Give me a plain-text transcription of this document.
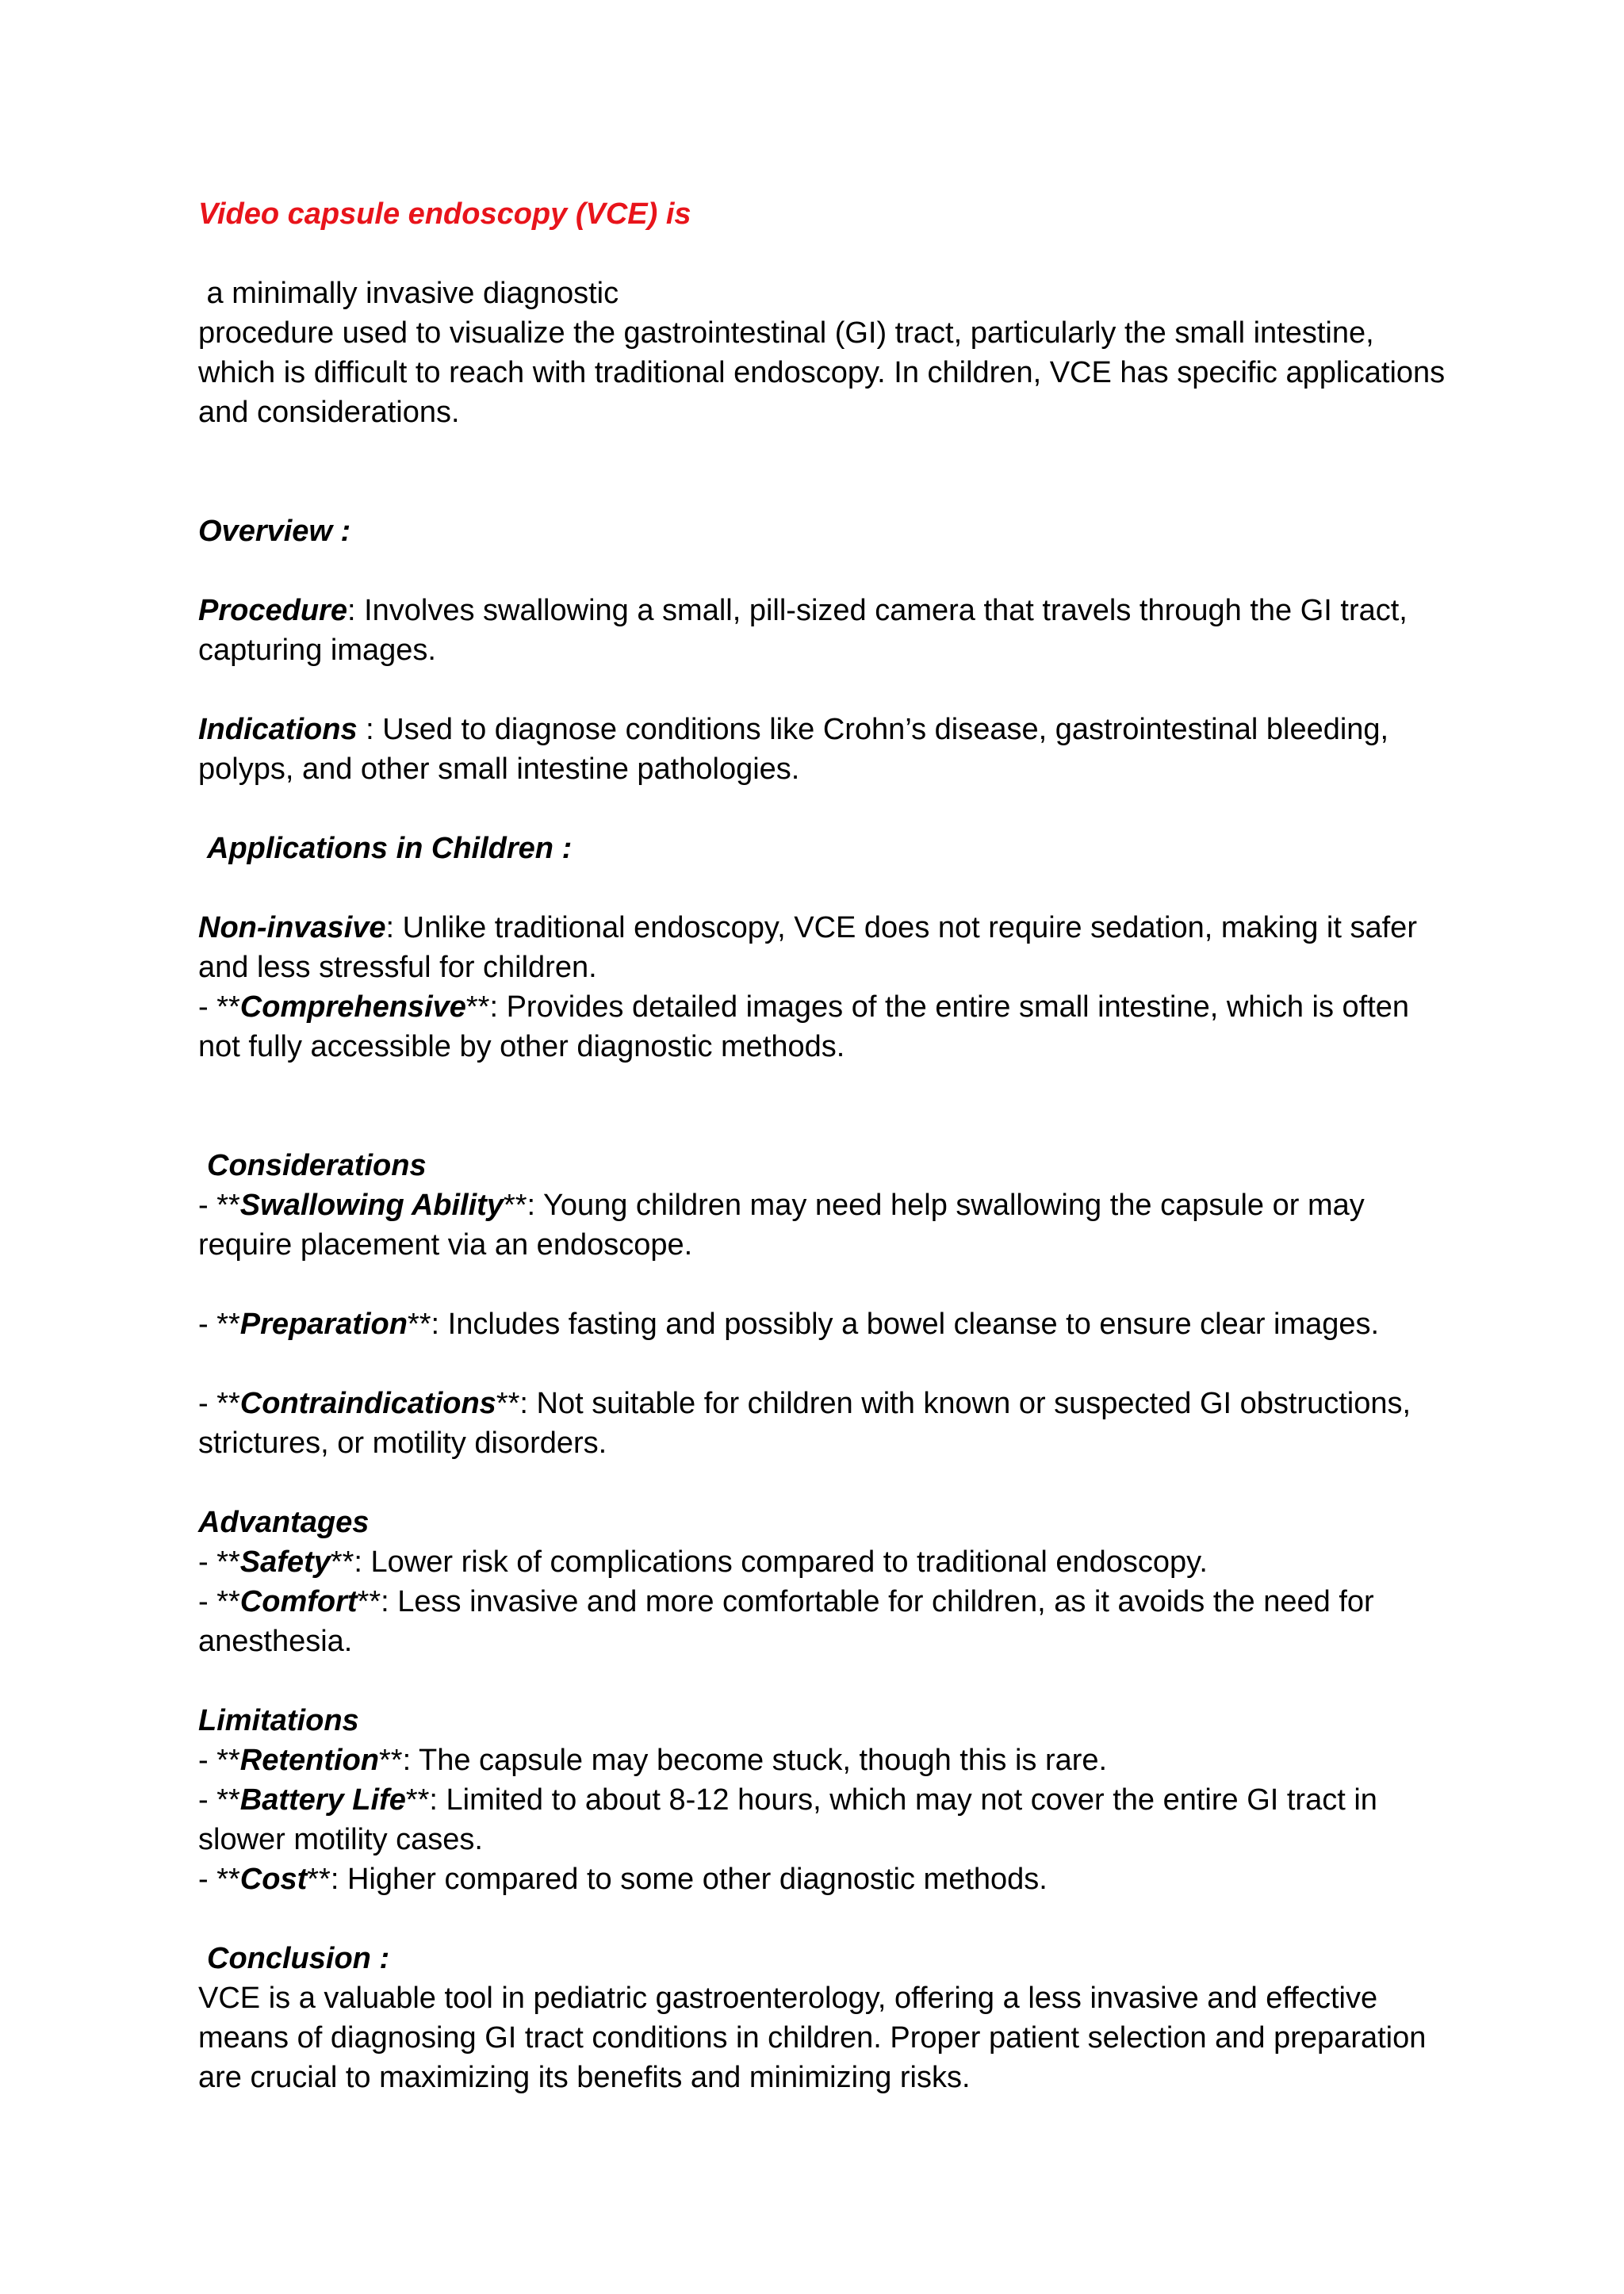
Video capsule endoscopy (VCE) is

a minimally invasive diagnostic

procedure used to visualize the gastrointestinal (GI) tract, particularly the small intestine, which is difficult to reach with traditional endoscopy. In children, VCE has specific applications and considerations.

Overview :

Procedure: Involves swallowing a small, pill-sized camera that travels through the GI tract, capturing images.

Indications : Used to diagnose conditions like Crohn’s disease, gastrointestinal bleeding, polyps, and other small intestine pathologies.

Applications in Children :

Non-invasive: Unlike traditional endoscopy, VCE does not require sedation, making it safer and less stressful for children.

- **Comprehensive**: Provides detailed images of the entire small intestine, which is often not fully accessible by other diagnostic methods.

Considerations

- **Swallowing Ability**: Young children may need help swallowing the capsule or may require placement via an endoscope.

- **Preparation**: Includes fasting and possibly a bowel cleanse to ensure clear images.

- **Contraindications**: Not suitable for children with known or suspected GI obstructions, strictures, or motility disorders.

Advantages

- **Safety**: Lower risk of complications compared to traditional endoscopy.

- **Comfort**: Less invasive and more comfortable for children, as it avoids the need for anesthesia.

Limitations

- **Retention**: The capsule may become stuck, though this is rare.

- **Battery Life**: Limited to about 8-12 hours, which may not cover the entire GI tract in slower motility cases.

- **Cost**: Higher compared to some other diagnostic methods.

Conclusion :

VCE is a valuable tool in pediatric gastroenterology, offering a less invasive and effective means of diagnosing GI tract conditions in children. Proper patient selection and preparation are crucial to maximizing its benefits and minimizing risks.
